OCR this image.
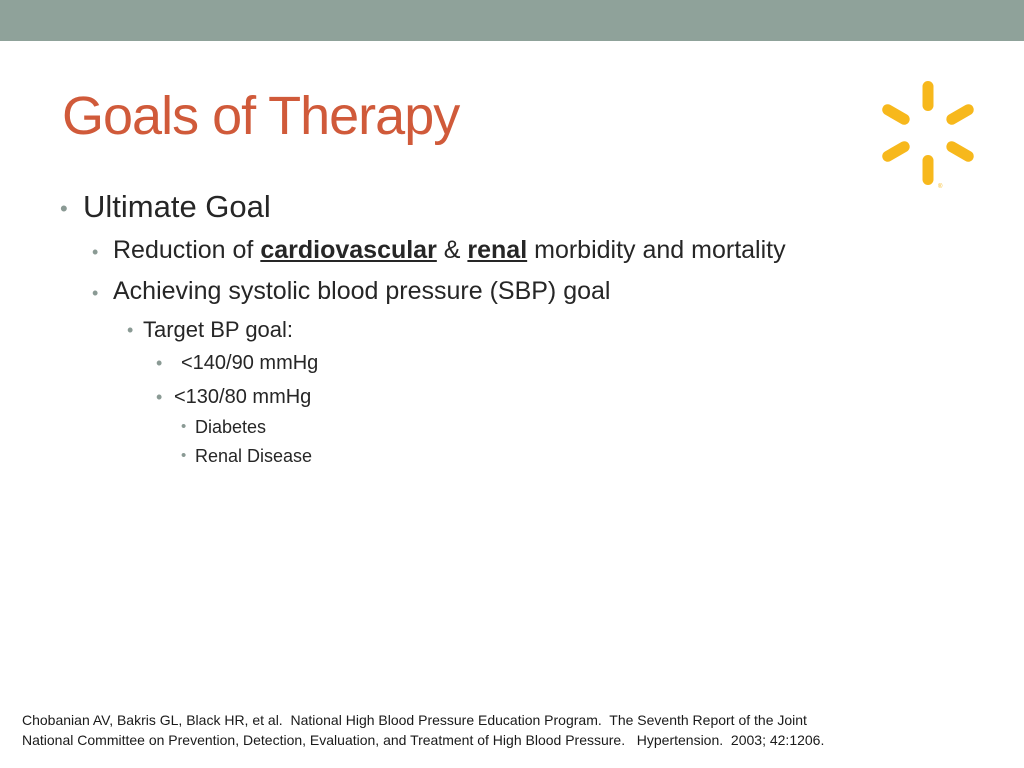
Goals of Therapy
®
• Ultimate Goal
• Reduction of cardiovascular & renal morbidity and mortality
• Achieving systolic blood pressure (SBP) goal
• Target BP goal:
• <140/90 mmHg
• <130/80 mmHg
• Diabetes
• Renal Disease
Chobanian AV, Bakris GL, Black HR, et al.  National High Blood Pressure Education Program.  The Seventh Report of the Joint
National Committee on Prevention, Detection, Evaluation, and Treatment of High Blood Pressure.   Hypertension.  2003; 42:1206.
